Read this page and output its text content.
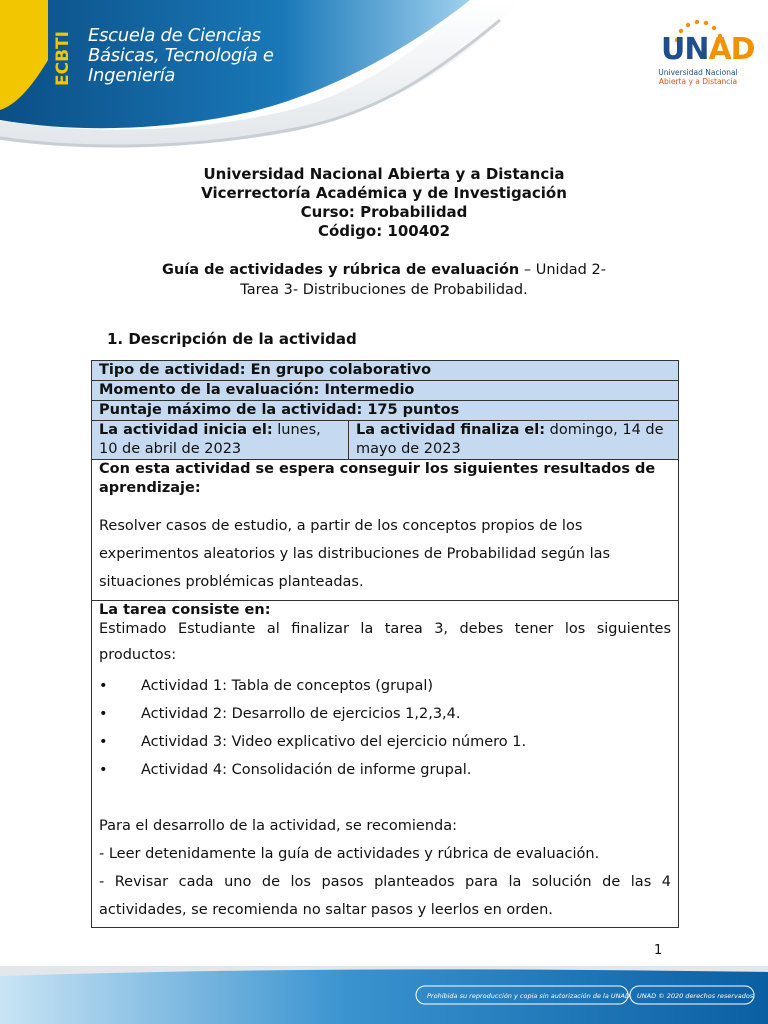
ECBTI Escuela de Ciencias
Básicas, Tecnología e
Ingeniería
UNAD
Universidad Nacional
Abierta y a Distancia
Universidad Nacional Abierta y a Distancia
Vicerrectoría Académica y de Investigación
Curso: Probabilidad
Código: 100402
Guía de actividades y rúbrica de evaluación – Unidad 2-
Tarea 3- Distribuciones de Probabilidad.
1. Descripción de la actividad
Tipo de actividad: En grupo colaborativo
Momento de la evaluación: Intermedio
Puntaje máximo de la actividad: 175 puntos
La actividad inicia el: lunes, 10 de abril de 2023	La actividad finaliza el: domingo, 14 de mayo de 2023

Con esta actividad se espera conseguir los siguientes resultados de aprendizaje:
Resolver casos de estudio, a partir de los conceptos propios de los experimentos aleatorios y las distribuciones de Probabilidad según las situaciones problémicas planteadas.

La tarea consiste en:
Estimado Estudiante al finalizar la tarea 3, debes tener los siguientes
productos:
•	Actividad 1: Tabla de conceptos (grupal)
•	Actividad 2: Desarrollo de ejercicios 1,2,3,4.
•	Actividad 3: Video explicativo del ejercicio número 1.
•	Actividad 4: Consolidación de informe grupal.
Para el desarrollo de la actividad, se recomienda:
- Leer detenidamente la guía de actividades y rúbrica de evaluación.
- Revisar cada uno de los pasos planteados para la solución de las 4
actividades, se recomienda no saltar pasos y leerlos en orden.
1
Prohibida su reproducción y copia sin autorización de la UNAD. UNAD © 2020 derechos reservados.
